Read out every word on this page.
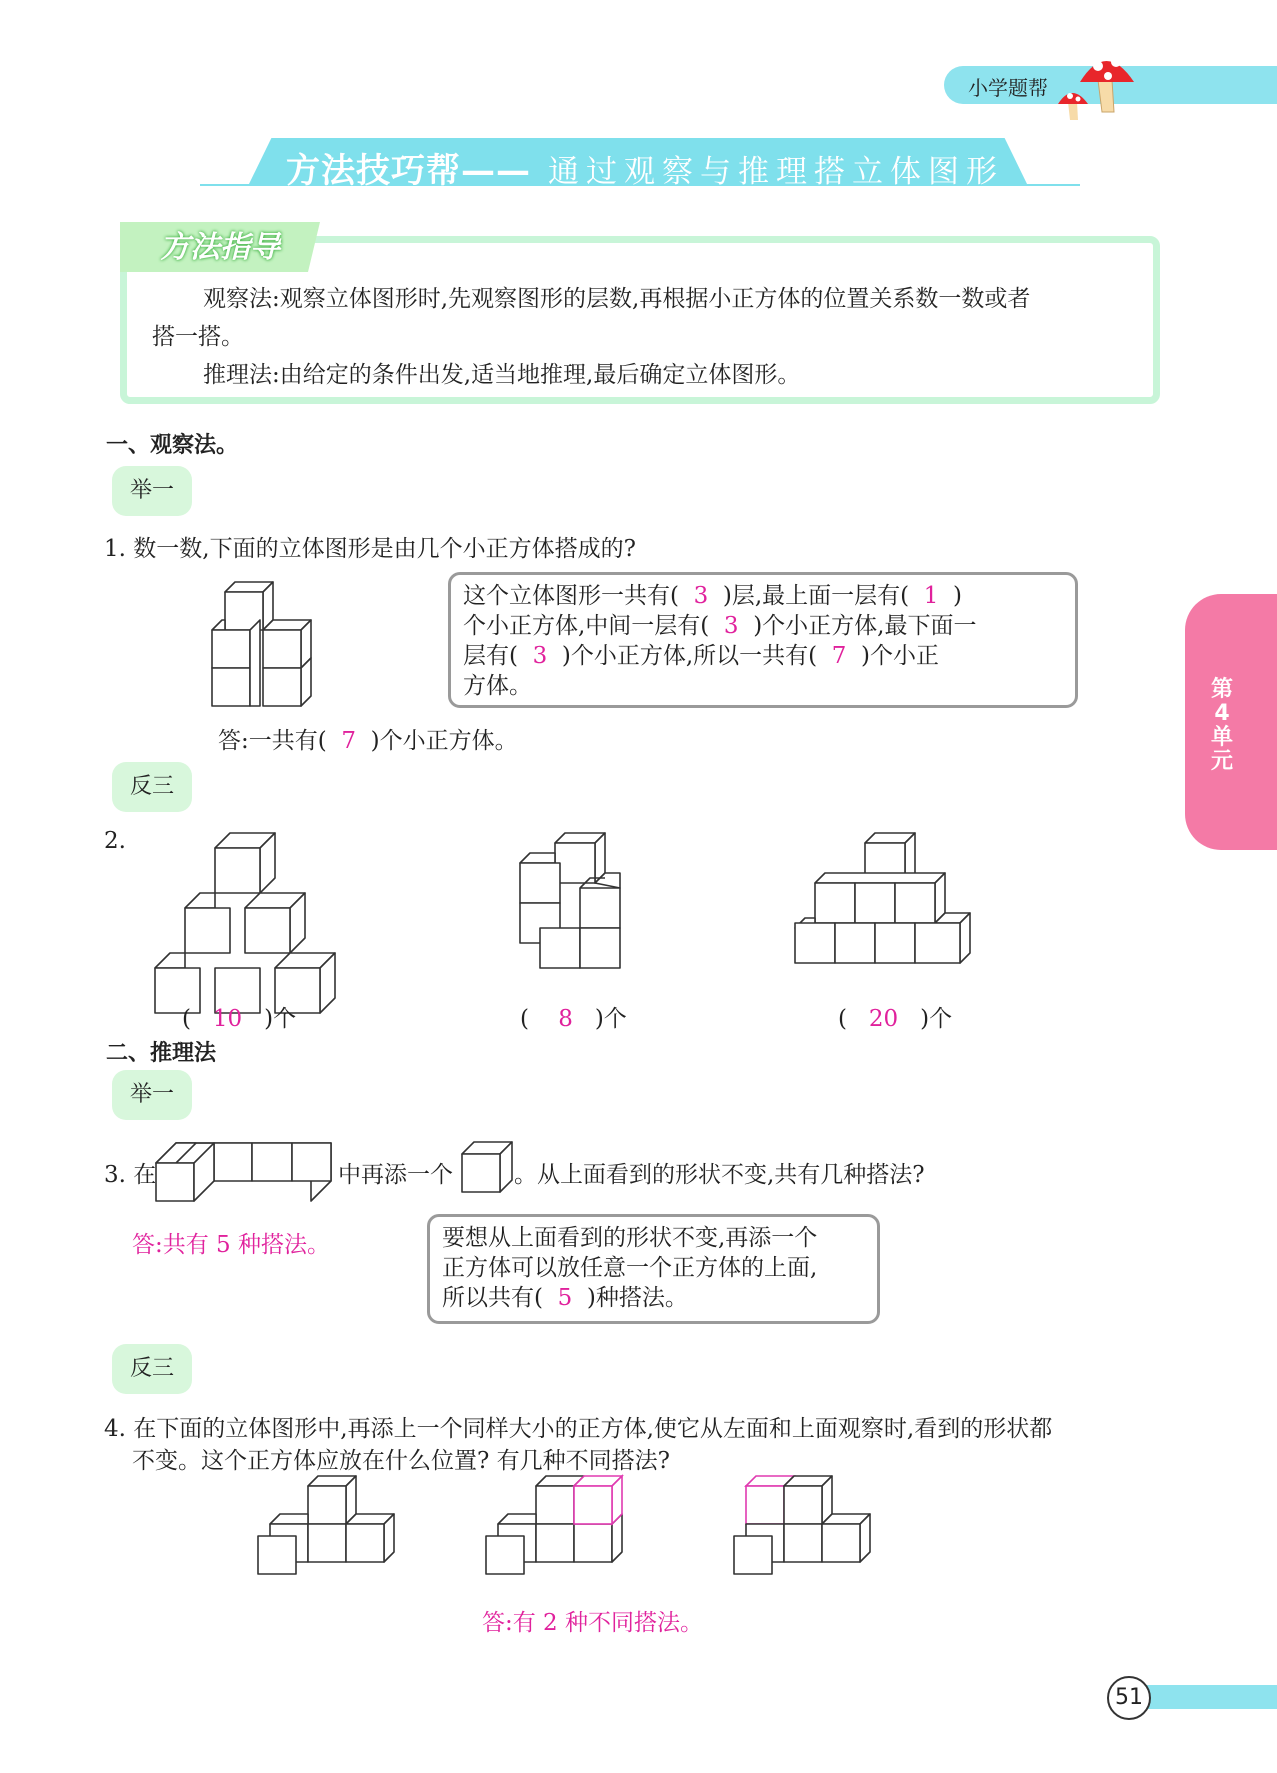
小学题帮
方法技巧帮—— 通过观察与推理搭立体图形
方法指导
观察法:观察立体图形时,先观察图形的层数,再根据小正方体的位置关系数一数或者
搭一搭。
推理法:由给定的条件出发,适当地推理,最后确定立体图形。
一、观察法。
举一
1. 数一数,下面的立体图形是由几个小正方体搭成的?
这个立体图形一共有( 3 )层,最上面一层有( 1 )
个小正方体,中间一层有( 3 )个小正方体,最下面一
层有( 3 )个小正方体,所以一共有( 7 )个小正
方体。
答:一共有( 7 )个小正方体。
反三
2.
( 10 )个	( 8 )个	( 20 )个
二、推理法
举一
3. 在	中再添一个	。从上面看到的形状不变,共有几种搭法?
答:共有 5 种搭法。	要想从上面看到的形状不变,再添一个
正方体可以放任意一个正方体的上面,
所以共有( 5 )种搭法。
反三
4. 在下面的立体图形中,再添上一个同样大小的正方体,使它从左面和上面观察时,看到的形状都
不变。这个正方体应放在什么位置? 有几种不同搭法?
答:有 2 种不同搭法。
第
4
单
元
51
